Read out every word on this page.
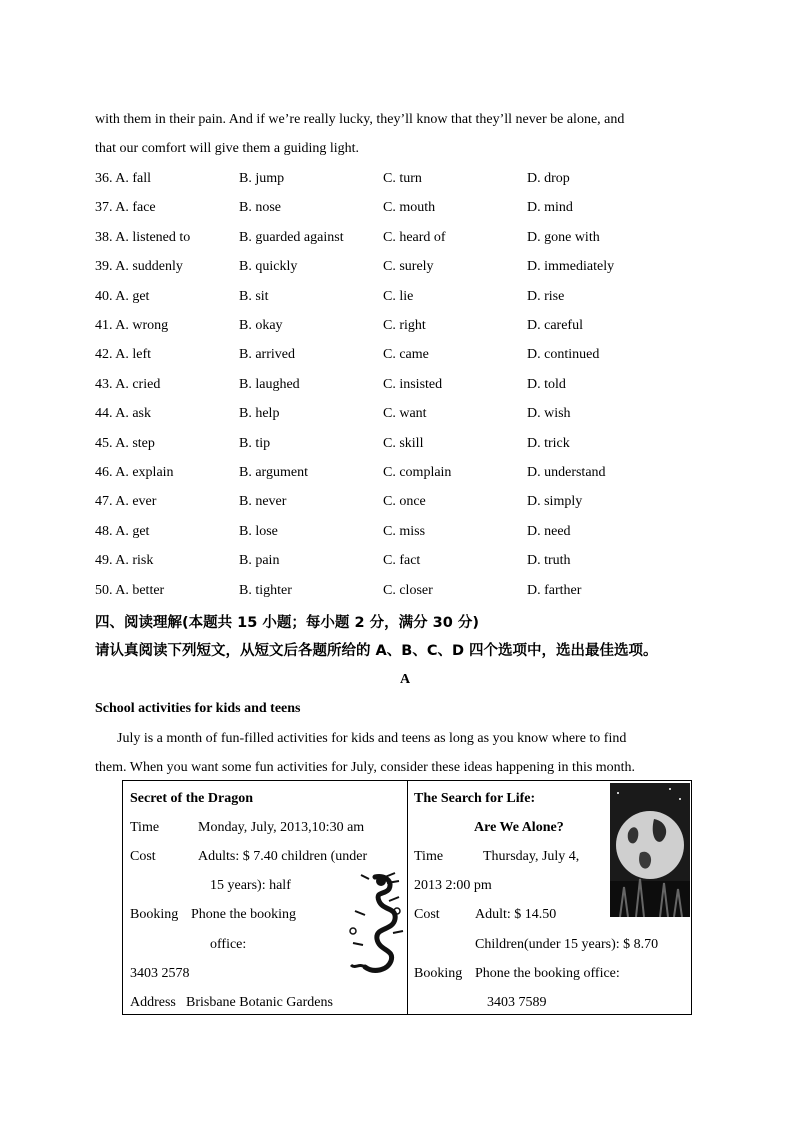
with them in their pain. And if we’re really lucky, they’ll know that they’ll never be alone, and
that our comfort will give them a guiding light.
36. A. fall	B. jump	C. turn	D. drop
37. A. face	B. nose	C. mouth	D. mind
38. A. listened to	B. guarded against	C. heard of	D. gone with
39. A. suddenly	B. quickly	C. surely	D. immediately
40. A. get	B. sit	C. lie	D. rise
41. A. wrong	B. okay	C. right	D. careful
42. A. left	B. arrived	C. came	D. continued
43. A. cried	B. laughed	C. insisted	D. told
44. A. ask	B. help	C. want	D. wish
45. A. step	B. tip	C. skill	D. trick
46. A. explain	B. argument	C. complain	D. understand
47. A. ever	B. never	C. once	D. simply
48. A. get	B. lose	C. miss	D. need
49. A. risk	B. pain	C. fact	D. truth
50. A. better	B. tighter	C. closer	D. farther
四、阅读理解(本题共 15 小题；每小题 2 分，满分 30 分)
请认真阅读下列短文，从短文后各题所给的 A、B、C、D 四个选项中，选出最佳选项。
A
School activities for kids and teens
July is a month of fun-filled activities for kids and teens as long as you know where to find
them. When you want some fun activities for July, consider these ideas happening in this month.
Secret of the Dragon
Time	Monday, July, 2013,10:30 am
Cost	Adults: $ 7.40 children (under
15 years): half
Booking Phone the booking
office:
3403 2578
Address Brisbane Botanic Gardens
The Search for Life:
Are We Alone?
Time	Thursday, July 4,
2013 2:00 pm
Cost	Adult: $ 14.50
Children(under 15 years): $ 8.70
Booking Phone the booking office:
3403 7589
